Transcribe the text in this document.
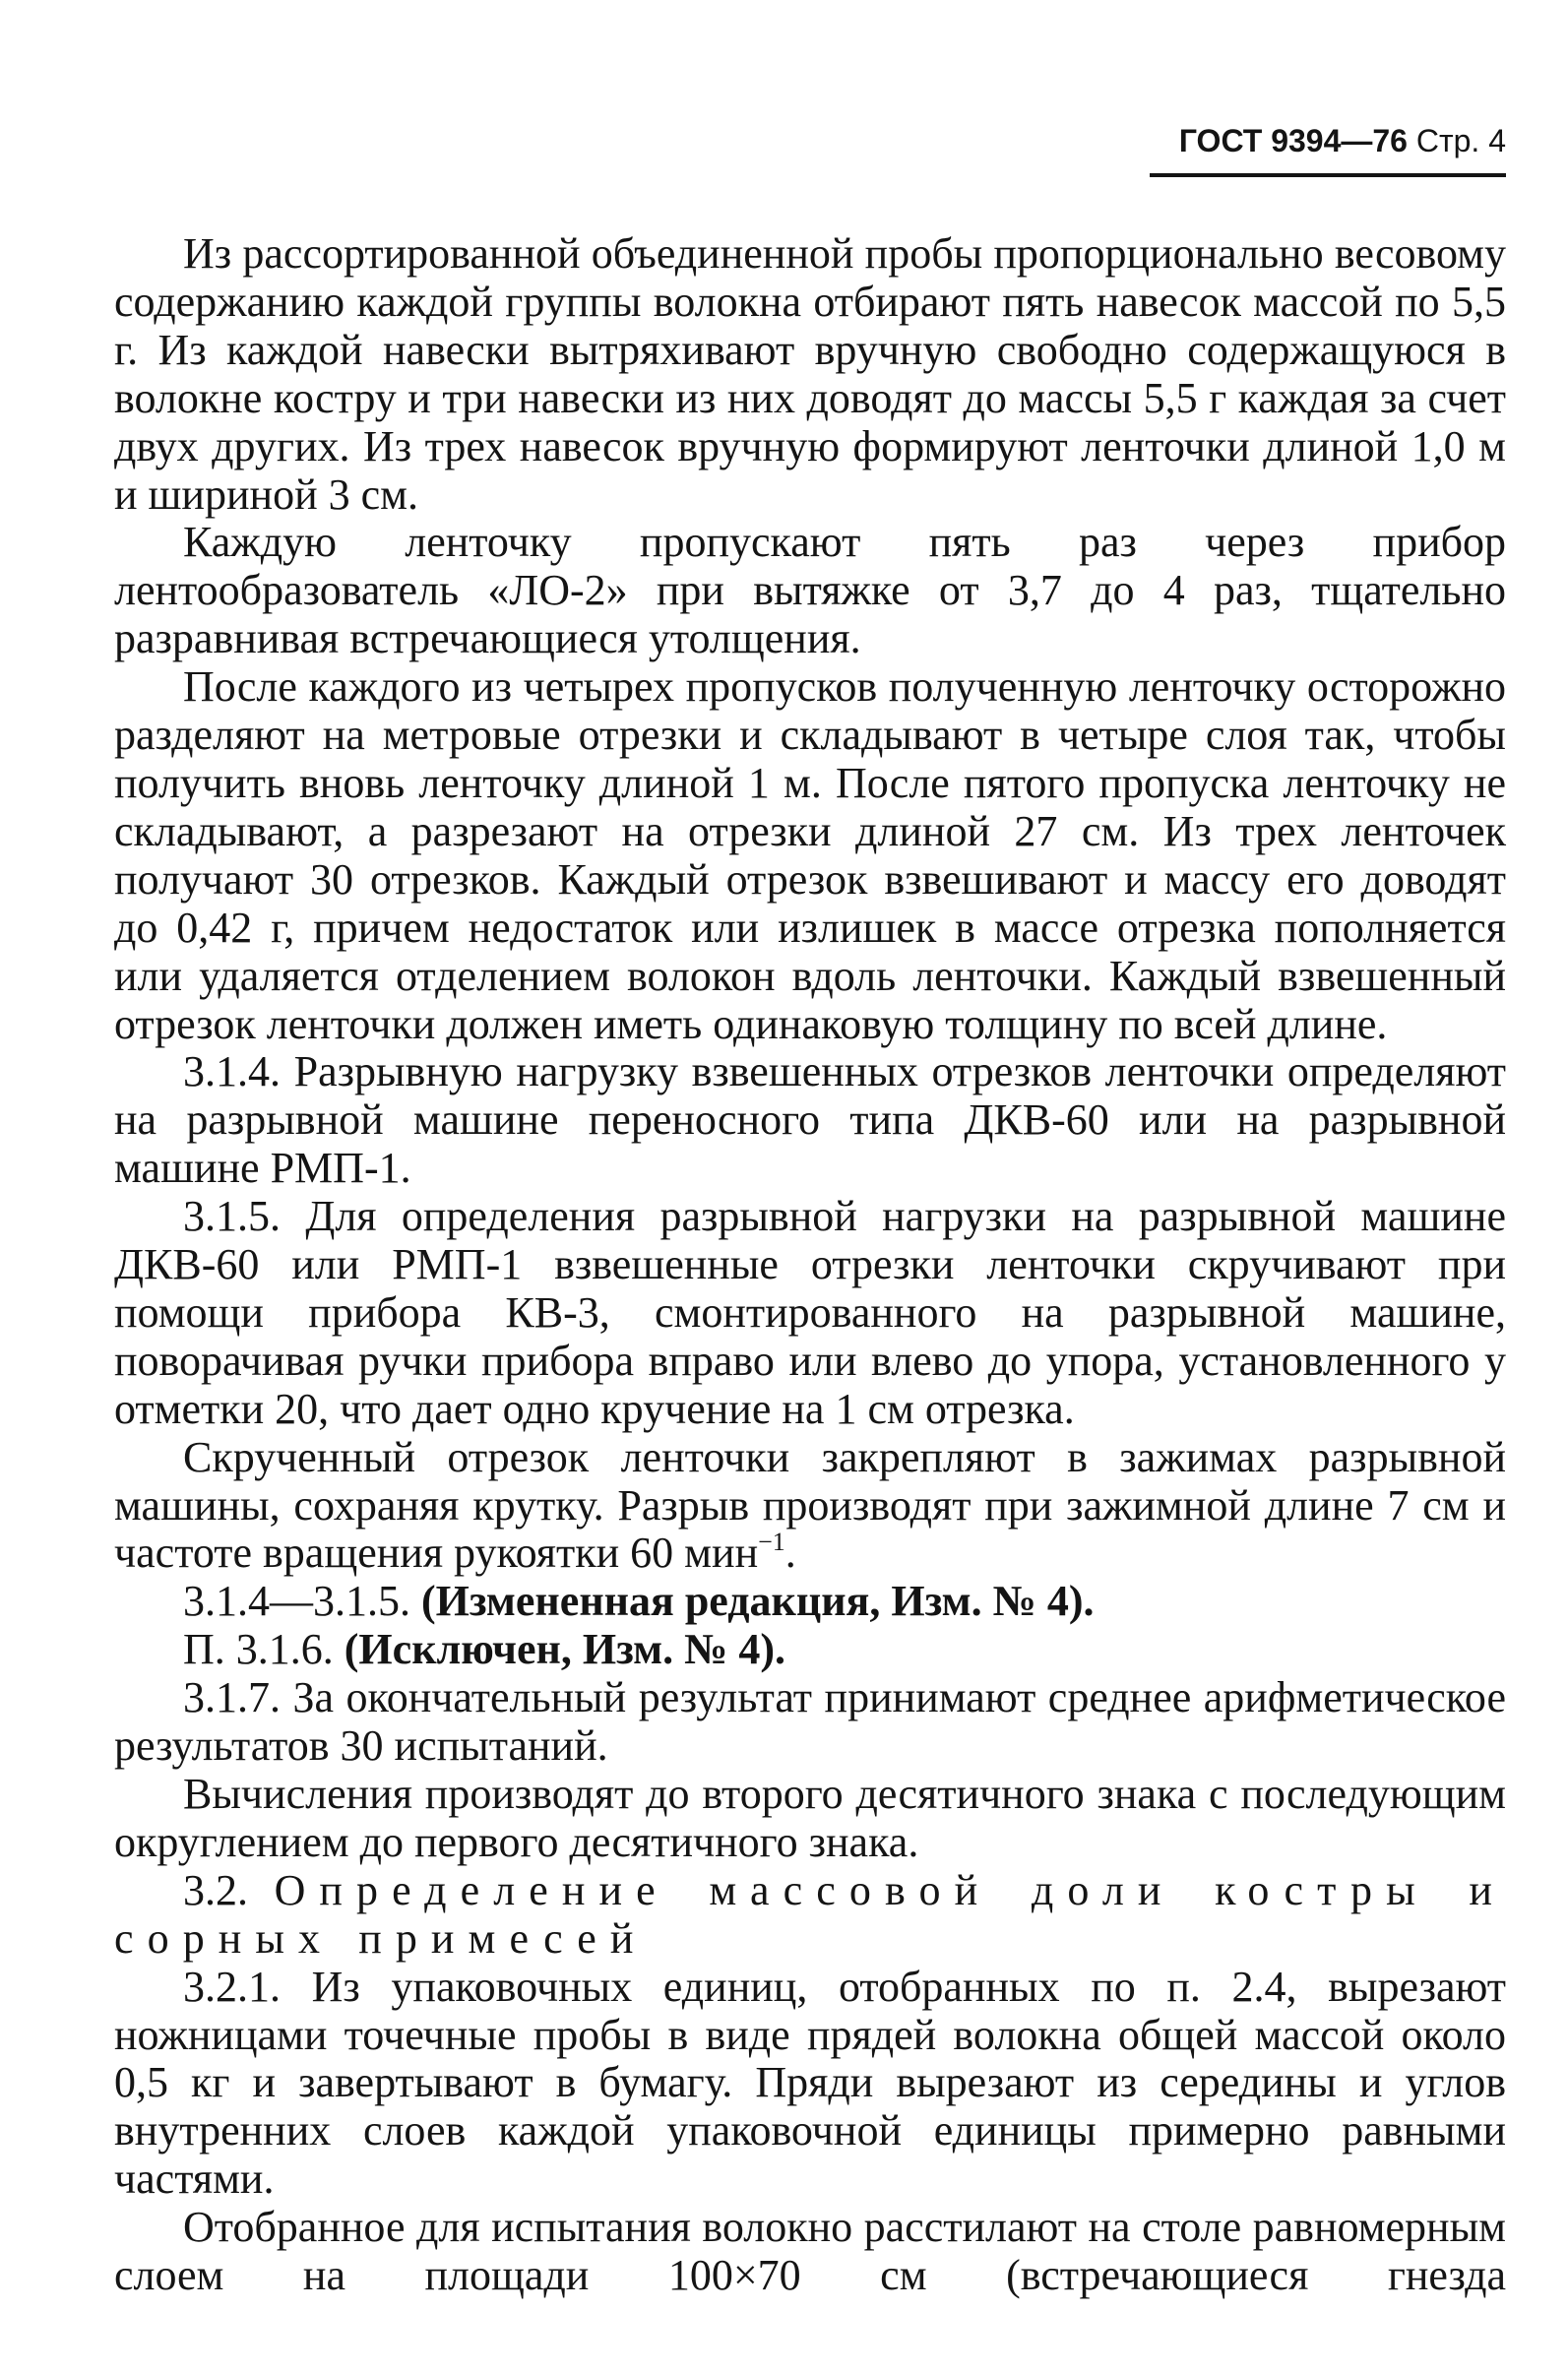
ГОСТ 9394—76 Стр. 4

Из рассортированной объединенной пробы пропорционально весовому содержанию каждой группы волокна отбирают пять навесок массой по 5,5 г. Из каждой навески вытряхивают вручную свободно содержащуюся в волокне костру и три навески из них доводят до массы 5,5 г каждая за счет двух других. Из трех навесок вручную формируют ленточки длиной 1,0 м и шириной 3 см.

Каждую ленточку пропускают пять раз через прибор лентообразователь «ЛО-2» при вытяжке от 3,7 до 4 раз, тщательно разравнивая встречающиеся утолщения.

После каждого из четырех пропусков полученную ленточку осторожно разделяют на метровые отрезки и складывают в четыре слоя так, чтобы получить вновь ленточку длиной 1 м. После пятого пропуска ленточку не складывают, а разрезают на отрезки длиной 27 см. Из трех ленточек получают 30 отрезков. Каждый отрезок взвешивают и массу его доводят до 0,42 г, причем недостаток или излишек в массе отрезка пополняется или удаляется отделением волокон вдоль ленточки. Каждый взвешенный отрезок ленточки должен иметь одинаковую толщину по всей длине.

3.1.4. Разрывную нагрузку взвешенных отрезков ленточки определяют на разрывной машине переносного типа ДКВ-60 или на разрывной машине РМП-1.

3.1.5. Для определения разрывной нагрузки на разрывной машине ДКВ-60 или РМП-1 взвешенные отрезки ленточки скручивают при помощи прибора КВ-3, смонтированного на разрывной машине, поворачивая ручки прибора вправо или влево до упора, установленного у отметки 20, что дает одно кручение на 1 см отрезка.

Скрученный отрезок ленточки закрепляют в зажимах разрывной машины, сохраняя крутку. Разрыв производят при зажимной длине 7 см и частоте вращения рукоятки 60 мин$^{-1}$.

3.1.4—3.1.5. (Измененная редакция, Изм. № 4).

П. 3.1.6. (Исключен, Изм. № 4).

3.1.7. За окончательный результат принимают среднее арифметическое результатов 30 испытаний.

Вычисления производят до второго десятичного знака с последующим округлением до первого десятичного знака.

3.2. Определение массовой доли костры и сорных примесей

3.2.1. Из упаковочных единиц, отобранных по п. 2.4, вырезают ножницами точечные пробы в виде прядей волокна общей массой около 0,5 кг и завертывают в бумагу. Пряди вырезают из середины и углов внутренних слоев каждой упаковочной единицы примерно равными частями.

Отобранное для испытания волокно расстилают на столе равномерным слоем на площади 100×70 см (встречающиеся гнезда
